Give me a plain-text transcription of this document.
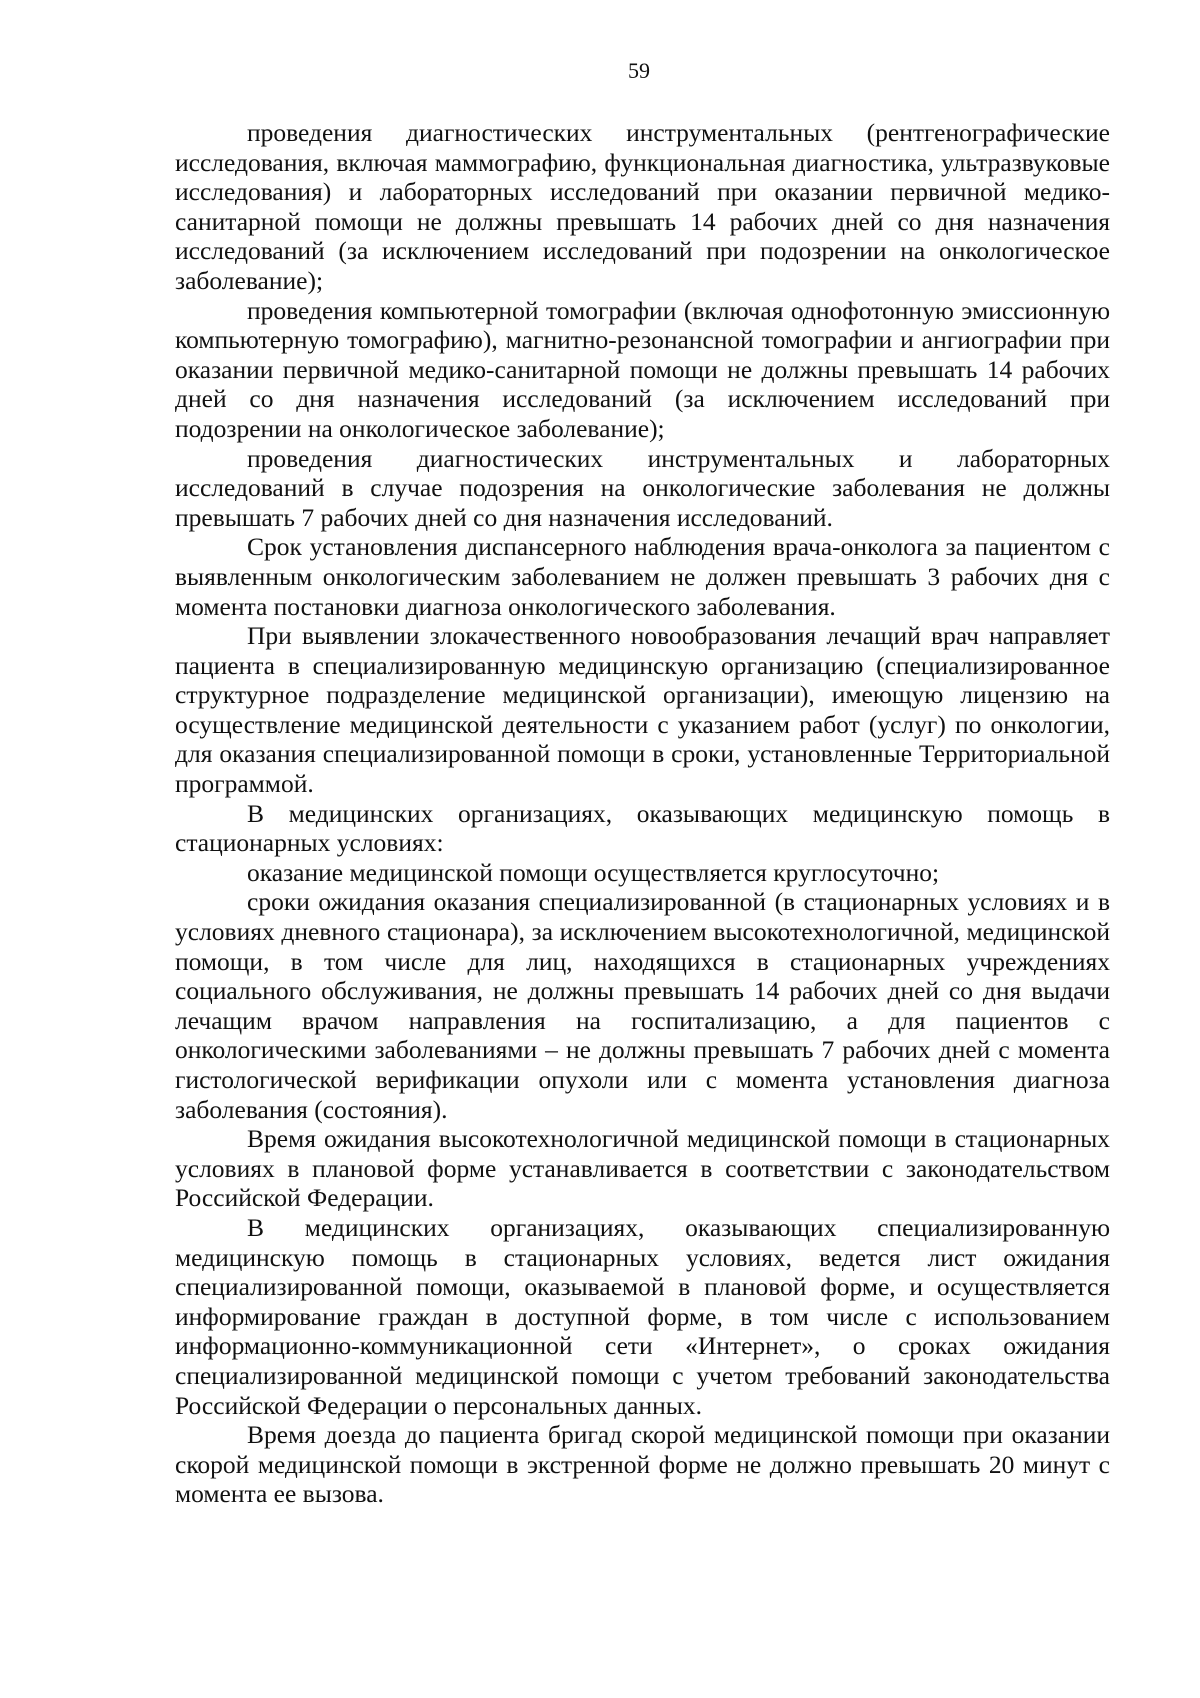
59

проведения диагностических инструментальных (рентгенографические исследования, включая маммографию, функциональная диагностика, ультразвуковые исследования) и лабораторных исследований при оказании первичной медико-санитарной помощи не должны превышать 14 рабочих дней со дня назначения исследований (за исключением исследований при подозрении на онкологическое заболевание);

проведения компьютерной томографии (включая однофотонную эмиссионную компьютерную томографию), магнитно-резонансной томографии и ангиографии при оказании первичной медико-санитарной помощи не должны превышать 14 рабочих дней со дня назначения исследований (за исключением исследований при подозрении на онкологическое заболевание);

проведения диагностических инструментальных и лабораторных исследований в случае подозрения на онкологические заболевания не должны превышать 7 рабочих дней со дня назначения исследований.

Срок установления диспансерного наблюдения врача-онколога за пациентом с выявленным онкологическим заболеванием не должен превышать 3 рабочих дня с момента постановки диагноза онкологического заболевания.

При выявлении злокачественного новообразования лечащий врач направляет пациента в специализированную медицинскую организацию (специализированное структурное подразделение медицинской организации), имеющую лицензию на осуществление медицинской деятельности с указанием работ (услуг) по онкологии, для оказания специализированной помощи в сроки, установленные Территориальной программой.

В медицинских организациях, оказывающих медицинскую помощь в стационарных условиях:

оказание медицинской помощи осуществляется круглосуточно;

сроки ожидания оказания специализированной (в стационарных условиях и в условиях дневного стационара), за исключением высокотехнологичной, медицинской помощи, в том числе для лиц, находящихся в стационарных учреждениях социального обслуживания, не должны превышать 14 рабочих дней со дня выдачи лечащим врачом направления на госпитализацию, а для пациентов с онкологическими заболеваниями – не должны превышать 7 рабочих дней с момента гистологической верификации опухоли или с момента установления диагноза заболевания (состояния).

Время ожидания высокотехнологичной медицинской помощи в стационарных условиях в плановой форме устанавливается в соответствии с законодательством Российской Федерации.

В медицинских организациях, оказывающих специализированную медицинскую помощь в стационарных условиях, ведется лист ожидания специализированной помощи, оказываемой в плановой форме, и осуществляется информирование граждан в доступной форме, в том числе с использованием информационно-коммуникационной сети «Интернет», о сроках ожидания специализированной медицинской помощи с учетом требований законодательства Российской Федерации о персональных данных.

Время доезда до пациента бригад скорой медицинской помощи при оказании скорой медицинской помощи в экстренной форме не должно превышать 20 минут с момента ее вызова.
